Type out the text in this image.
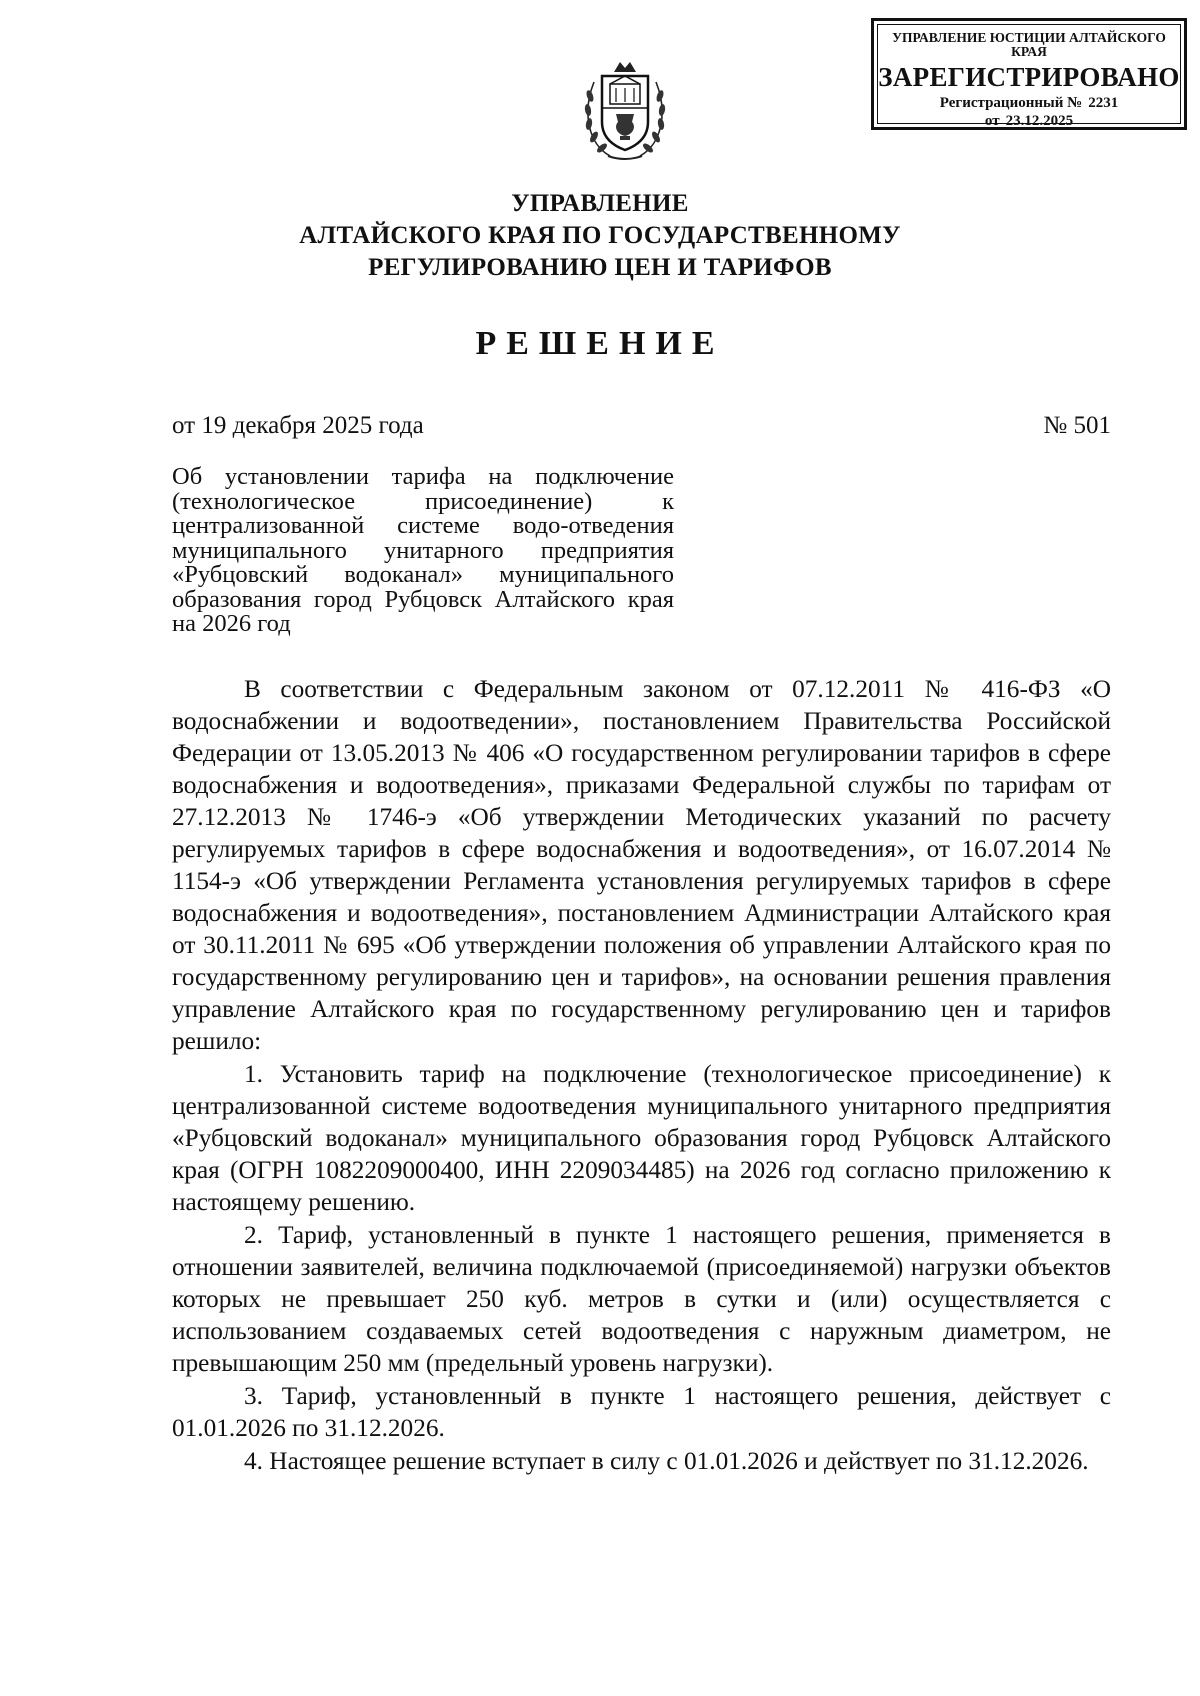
УПРАВЛЕНИЕ ЮСТИЦИИ АЛТАЙСКОГО КРАЯ
ЗАРЕГИСТРИРОВАНО
Регистрационный № 2231
от 23.12.2025
УПРАВЛЕНИЕ
АЛТАЙСКОГО КРАЯ ПО ГОСУДАРСТВЕННОМУ
РЕГУЛИРОВАНИЮ ЦЕН И ТАРИФОВ
РЕШЕНИЕ
от 19 декабря 2025 года	№ 501
Об установлении тарифа на подключение (технологическое присоединение) к централизованной системе водо-отведения муниципального унитарного предприятия «Рубцовский водоканал» муниципального образования город Рубцовск Алтайского края на 2026 год

В соответствии с Федеральным законом от 07.12.2011 № 416-ФЗ «О водоснабжении и водоотведении», постановлением Правительства Российской Федерации от 13.05.2013 № 406 «О государственном регулировании тарифов в сфере водоснабжения и водоотведения», приказами Федеральной службы по тарифам от 27.12.2013 № 1746-э «Об утверждении Методических указаний по расчету регулируемых тарифов в сфере водоснабжения и водоотведения», от 16.07.2014 № 1154-э «Об утверждении Регламента установления регулируемых тарифов в сфере водоснабжения и водоотведения», постановлением Администрации Алтайского края от 30.11.2011 № 695 «Об утверждении положения об управлении Алтайского края по государственному регулированию цен и тарифов», на основании решения правления управление Алтайского края по государственному регулированию цен и тарифов решило:

1. Установить тариф на подключение (технологическое присоединение) к централизованной системе водоотведения муниципального унитарного предприятия «Рубцовский водоканал» муниципального образования город Рубцовск Алтайского края (ОГРН 1082209000400, ИНН 2209034485) на 2026 год согласно приложению к настоящему решению.

2. Тариф, установленный в пункте 1 настоящего решения, применяется в отношении заявителей, величина подключаемой (присоединяемой) нагрузки объектов которых не превышает 250 куб. метров в сутки и (или) осуществляется с использованием создаваемых сетей водоотведения с наружным диаметром, не превышающим 250 мм (предельный уровень нагрузки).

3. Тариф, установленный в пункте 1 настоящего решения, действует с 01.01.2026 по 31.12.2026.

4. Настоящее решение вступает в силу с 01.01.2026 и действует по 31.12.2026.
